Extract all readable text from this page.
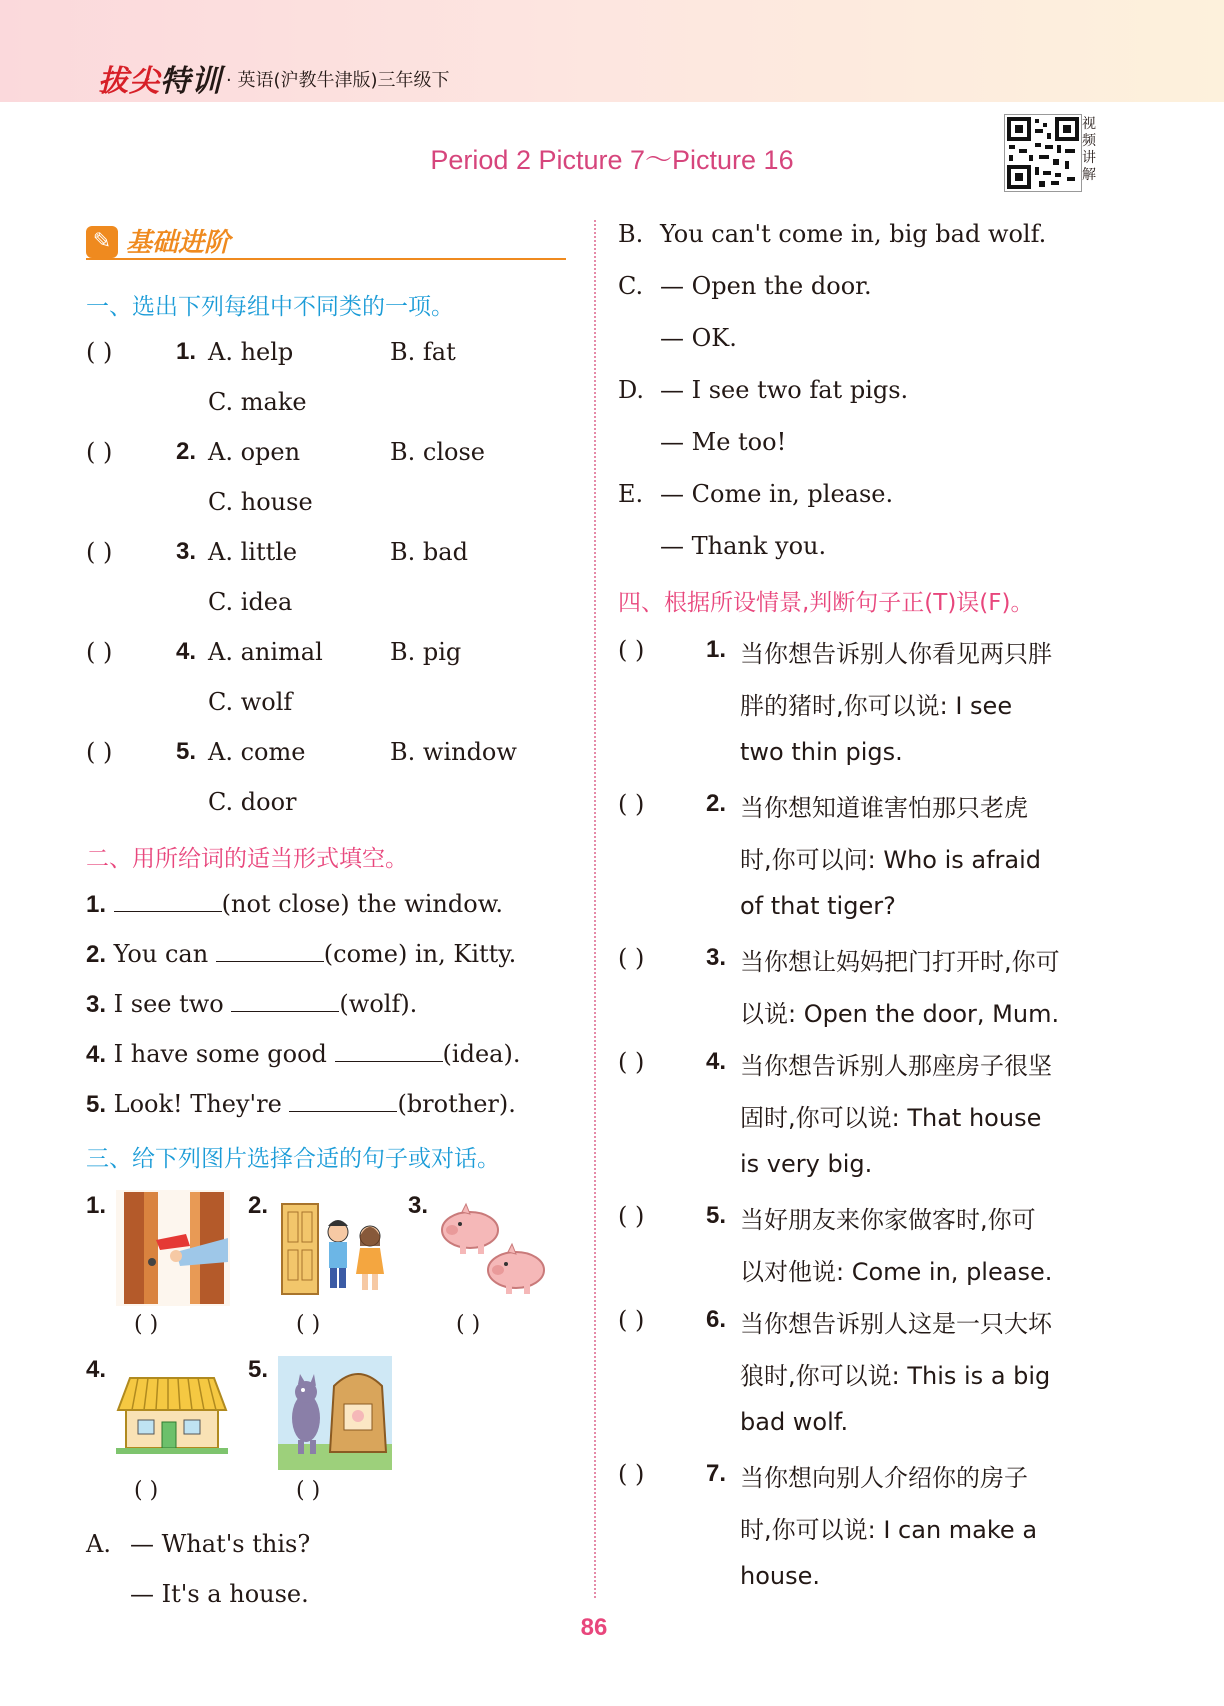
拔尖特训 · 英语(沪教牛津版)三年级下
Period 2 Picture 7～Picture 16
视频讲解
✎ 基础进阶
一、选出下列每组中不同类的一项。
( )	1. A. help	B. fat
C. make
( )	2. A. open	B. close
C. house
( )	3. A. little	B. bad
C. idea
( )	4. A. animal	B. pig
C. wolf
( )	5. A. come	B. window
C. door
二、用所给词的适当形式填空。
1.	(not close) the window.
2. You can	(come) in, Kitty.
3. I see two	(wolf).
4. I have some good	(idea).
5. Look! They're	(brother).
三、给下列图片选择合适的句子或对话。
1.
( )
2.
( )
3.
( )
4.
( )
5.
( )
A. — What's this?
— It's a house.
B. You can't come in, big bad wolf.
C. — Open the door.
— OK.
D. — I see two fat pigs.
— Me too!
E. — Come in, please.
— Thank you.
四、根据所设情景,判断句子正(T)误(F)。
( )	1. 当你想告诉别人你看见两只胖
胖的猪时,你可以说: I see
two thin pigs.
( )	2. 当你想知道谁害怕那只老虎
时,你可以问: Who is afraid
of that tiger?
( )	3. 当你想让妈妈把门打开时,你可
以说: Open the door, Mum.
( )	4. 当你想告诉别人那座房子很坚
固时,你可以说: That house
is very big.
( )	5. 当好朋友来你家做客时,你可
以对他说: Come in, please.
( )	6. 当你想告诉别人这是一只大坏
狼时,你可以说: This is a big
bad wolf.
( )	7. 当你想向别人介绍你的房子
时,你可以说: I can make a
house.
86
